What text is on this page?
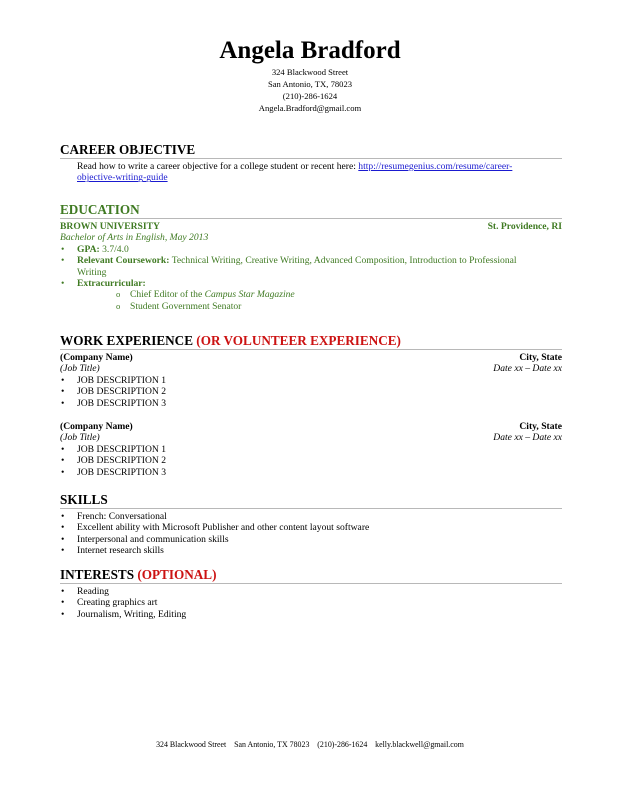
Angela Bradford
324 Blackwood Street
San Antonio, TX, 78023
(210)-286-1624
Angela.Bradford@gmail.com
CAREER OBJECTIVE
Read how to write a career objective for a college student or recent here: http://resumegenius.com/resume/career-
objective-writing-guide
EDUCATION
BROWN UNIVERSITY	St. Providence, RI
Bachelor of Arts in English, May 2013
• GPA: 3.7/4.0
• Relevant Coursework: Technical Writing, Creative Writing, Advanced Composition, Introduction to Professional
Writing
• Extracurricular:
o Chief Editor of the Campus Star Magazine
o Student Government Senator
WORK EXPERIENCE (OR VOLUNTEER EXPERIENCE)
(Company Name)	City, State
(Job Title)	Date xx – Date xx
• JOB DESCRIPTION 1
• JOB DESCRIPTION 2
• JOB DESCRIPTION 3
(Company Name)	City, State
(Job Title)	Date xx – Date xx
• JOB DESCRIPTION 1
• JOB DESCRIPTION 2
• JOB DESCRIPTION 3
SKILLS
• French: Conversational
• Excellent ability with Microsoft Publisher and other content layout software
• Interpersonal and communication skills
• Internet research skills
INTERESTS (OPTIONAL)
• Reading
• Creating graphics art
• Journalism, Writing, Editing
324 Blackwood Street San Antonio, TX 78023 (210)-286-1624 kelly.blackwell@gmail.com
